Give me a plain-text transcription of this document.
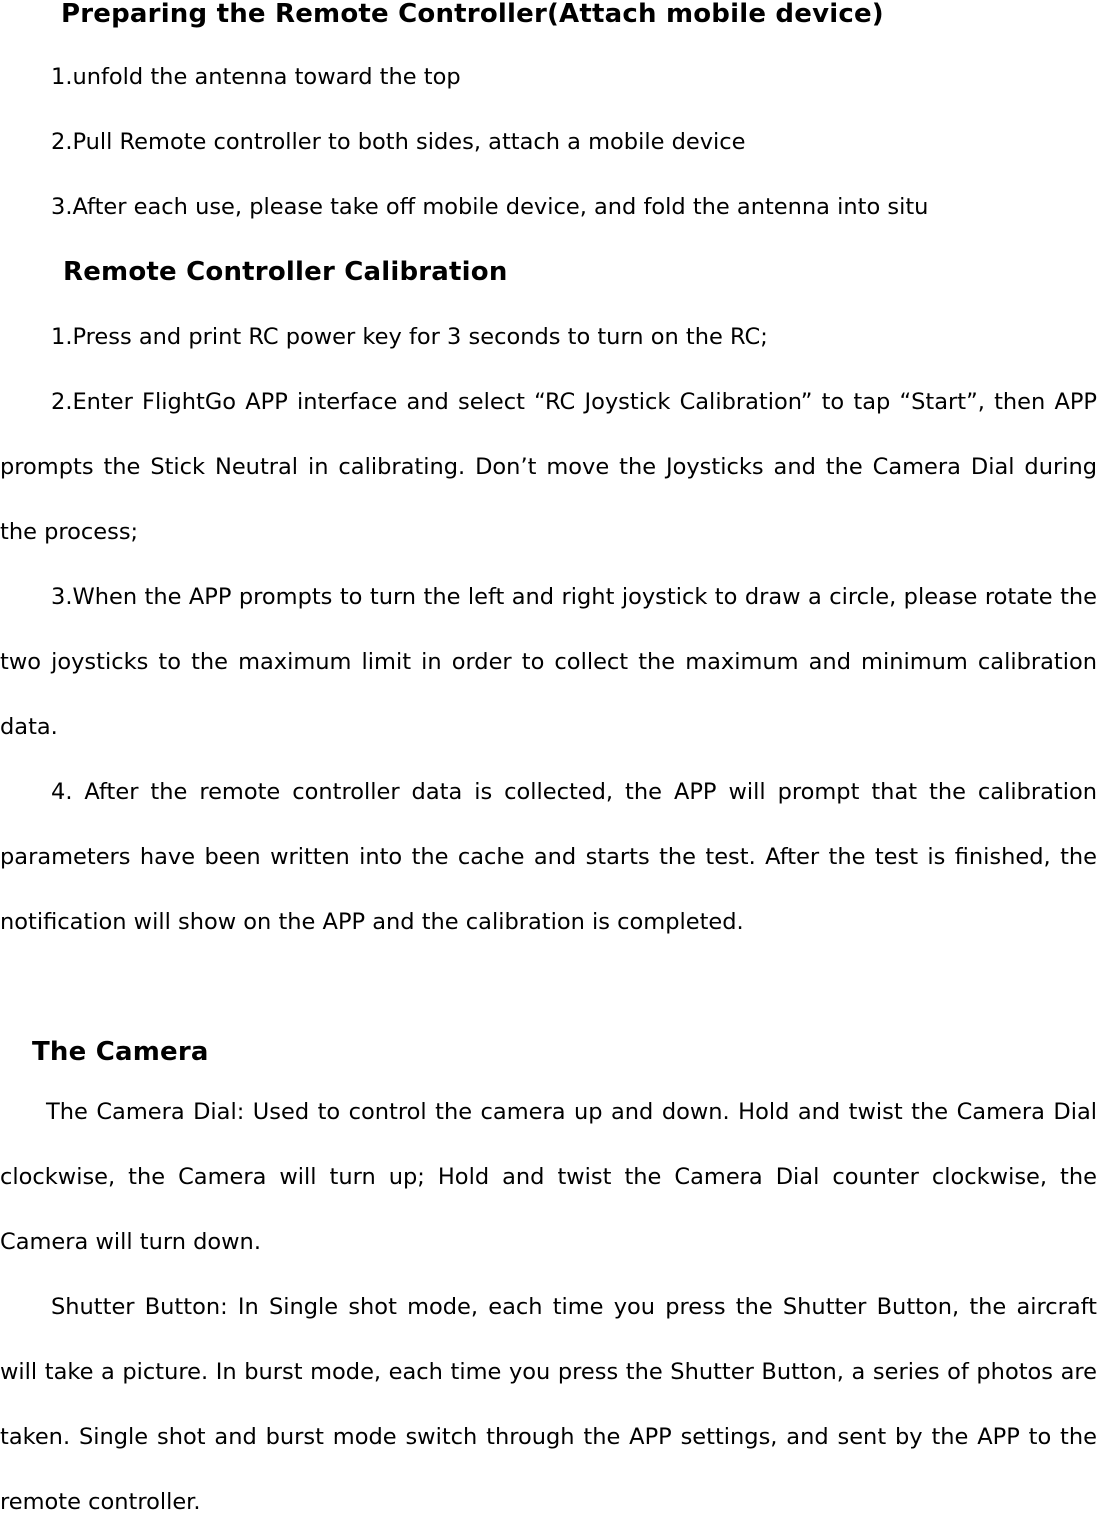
Preparing the Remote Controller(Attach mobile device)

1.unfold the antenna toward the top

2.Pull Remote controller to both sides, attach a mobile device

3.After each use, please take off mobile device, and fold the antenna into situ

Remote Controller Calibration

1.Press and print RC power key for 3 seconds to turn on the RC;

2.Enter FlightGo APP interface and select “RC Joystick Calibration” to tap “Start”, then APP prompts the Stick Neutral in calibrating. Don’t move the Joysticks and the Camera Dial during the process;

3.When the APP prompts to turn the left and right joystick to draw a circle, please rotate the two joysticks to the maximum limit in order to collect the maximum and minimum calibration data.

4. After the remote controller data is collected, the APP will prompt that the calibration parameters have been written into the cache and starts the test. After the test is finished, the notification will show on the APP and the calibration is completed.

The Camera

The Camera Dial: Used to control the camera up and down. Hold and twist the Camera Dial clockwise, the Camera will turn up; Hold and twist the Camera Dial counter clockwise, the Camera will turn down.

Shutter Button: In Single shot mode, each time you press the Shutter Button, the aircraft will take a picture. In burst mode, each time you press the Shutter Button, a series of photos are taken. Single shot and burst mode switch through the APP settings, and sent by the APP to the remote controller.
